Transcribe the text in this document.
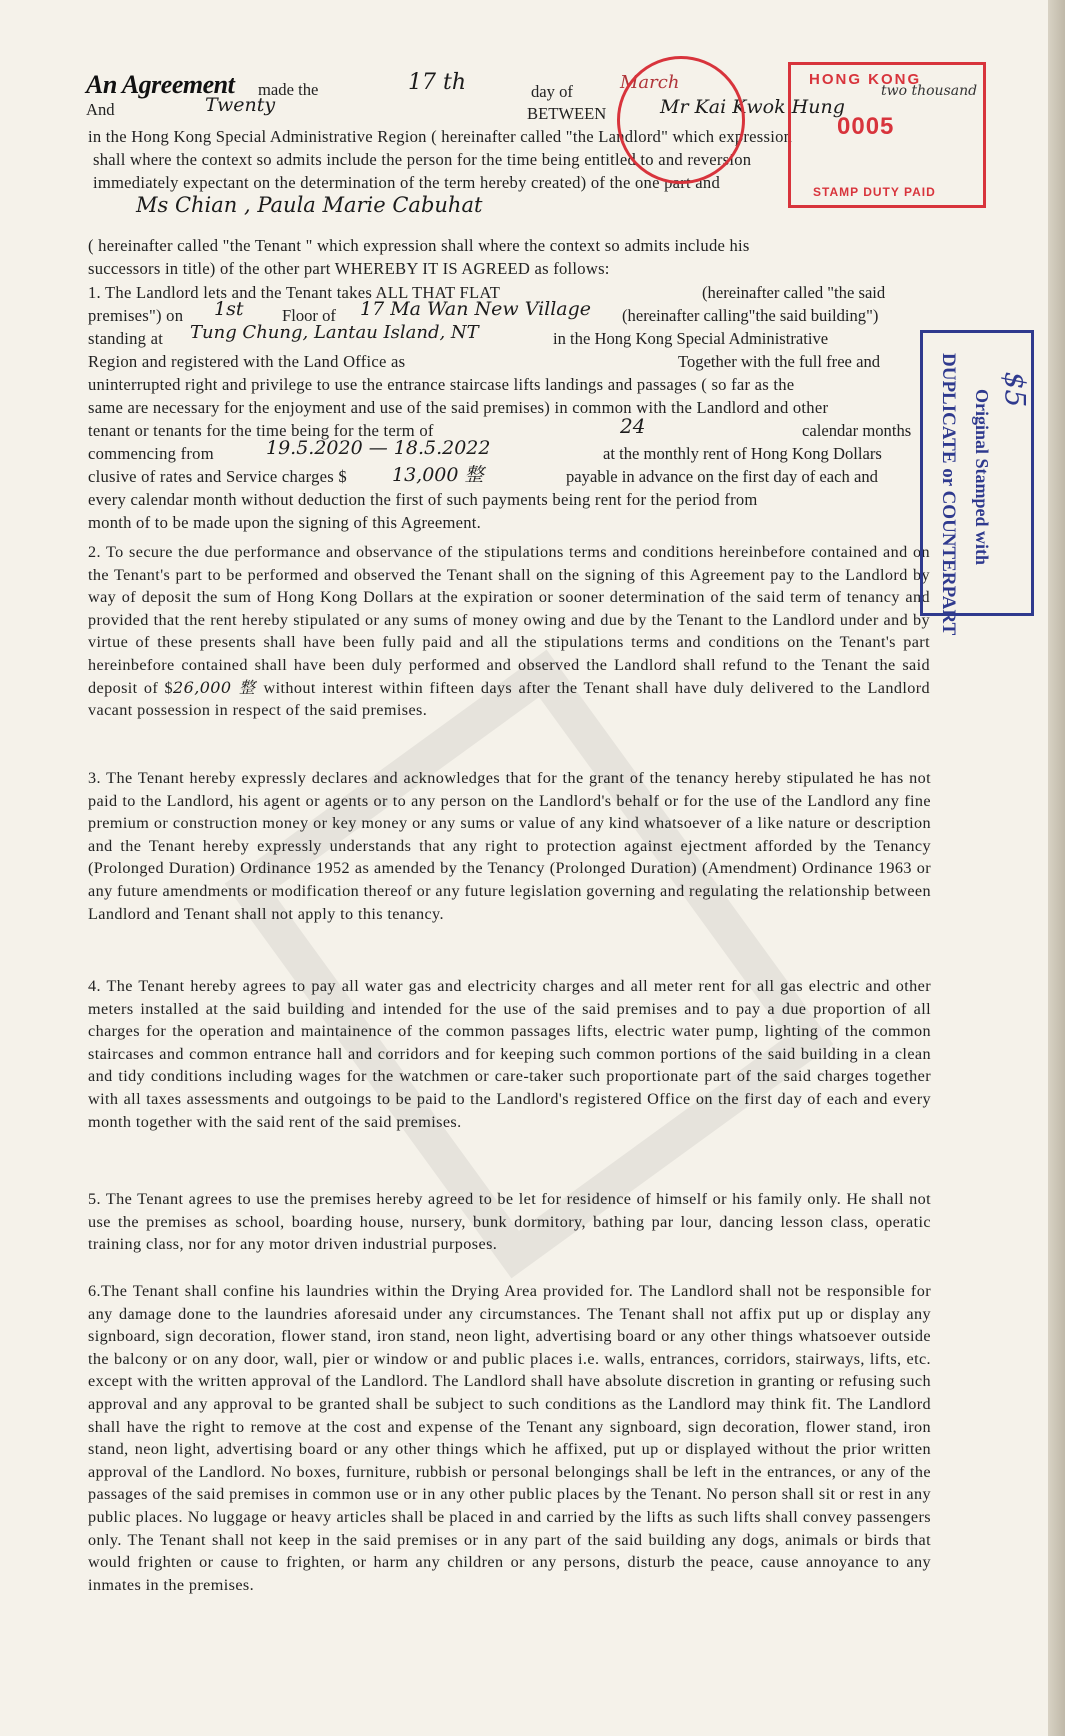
An Agreement made the	17 th	day of	March
And	Twenty	BETWEEN	Mr Kai Kwok Hung
in the Hong Kong Special Administrative Region ( hereinafter called "the Landlord" which expression
shall where the context so admits include the person for the time being entitled to and reversion
immediately expectant on the determination of the term hereby created) of the one part and
Ms Chian , Paula Marie Cabuhat
( hereinafter called "the Tenant " which expression shall where the context so admits include his
successors in title) of the other part WHEREBY IT IS AGREED as follows:
1. The Landlord lets and the Tenant takes ALL THAT FLAT	(hereinafter called "the said
premises") on 1st Floor of 17 Ma Wan New Village (hereinafter calling"the said building")
standing at Tung Chung, Lantau Island, NT	in the Hong Kong Special Administrative
Region and registered with the Land Office as	Together with the full free and
uninterrupted right and privilege to use the entrance staircase lifts landings and passages ( so far as the
same are necessary for the enjoyment and use of the said premises) in common with the Landlord and other
tenant or tenants for the time being for the term of	24	calendar months
commencing from	19.5.2020 — 18.5.2022	at the monthly rent of Hong Kong Dollars
clusive of rates and Service charges $ 13,000 整	payable in advance on the first day of each and
every calendar month without deduction the first of such payments being rent for the period from
month of to be made upon the signing of this Agreement.
2. To secure the due performance and observance of the stipulations terms and conditions hereinbefore contained and on the Tenant's part to be performed and observed the Tenant shall on the signing of this Agreement pay to the Landlord by way of deposit the sum of Hong Kong Dollars at the expiration or sooner determination of the said term of tenancy and provided that the rent hereby stipulated or any sums of money owing and due by the Tenant to the Landlord under and by virtue of these presents shall have been fully paid and all the stipulations terms and conditions on the Tenant's part hereinbefore contained shall have been duly performed and observed the Landlord shall refund to the Tenant the said deposit of $26,000 整 without interest within fifteen days after the Tenant shall have duly delivered to the Landlord vacant possession in respect of the said premises.
3. The Tenant hereby expressly declares and acknowledges that for the grant of the tenancy hereby stipulated he has not paid to the Landlord, his agent or agents or to any person on the Landlord's behalf or for the use of the Landlord any fine premium or construction money or key money or any sums or value of any kind whatsoever of a like nature or description and the Tenant hereby expressly understands that any right to protection against ejectment afforded by the Tenancy (Prolonged Duration) Ordinance 1952 as amended by the Tenancy (Prolonged Duration) (Amendment) Ordinance 1963 or any future amendments or modification thereof or any future legislation governing and regulating the relationship between Landlord and Tenant shall not apply to this tenancy.
4. The Tenant hereby agrees to pay all water gas and electricity charges and all meter rent for all gas electric and other meters installed at the said building and intended for the use of the said premises and to pay a due proportion of all charges for the operation and maintainence of the common passages lifts, electric water pump, lighting of the common staircases and common entrance hall and corridors and for keeping such common portions of the said building in a clean and tidy conditions including wages for the watchmen or care-taker such proportionate part of the said charges together with all taxes assessments and outgoings to be paid to the Landlord's registered Office on the first day of each and every month together with the said rent of the said premises.
5. The Tenant agrees to use the premises hereby agreed to be let for residence of himself or his family only. He shall not use the premises as school, boarding house, nursery, bunk dormitory, bathing par lour, dancing lesson class, operatic training class, nor for any motor driven industrial purposes.
6.The Tenant shall confine his laundries within the Drying Area provided for. The Landlord shall not be responsible for any damage done to the laundries aforesaid under any circumstances. The Tenant shall not affix put up or display any signboard, sign decoration, flower stand, iron stand, neon light, advertising board or any other things whatsoever outside the balcony or on any door, wall, pier or window or and public places i.e. walls, entrances, corridors, stairways, lifts, etc. except with the written approval of the Landlord. The Landlord shall have absolute discretion in granting or refusing such approval and any approval to be granted shall be subject to such conditions as the Landlord may think fit. The Landlord shall have the right to remove at the cost and expense of the Tenant any signboard, sign decoration, flower stand, iron stand, neon light, advertising board or any other things which he affixed, put up or displayed without the prior written approval of the Landlord. No boxes, furniture, rubbish or personal belongings shall be left in the entrances, or any of the passages of the said premises in common use or in any other public places by the Tenant. No person shall sit or rest in any public places. No luggage or heavy articles shall be placed in and carried by the lifts as such lifts shall convey passengers only. The Tenant shall not keep in the said premises or in any part of the said building any dogs, animals or birds that would frighten or cause to frighten, or harm any children or any persons, disturb the peace, cause annoyance to any inmates in the premises.
HONG KONG
two thousand
0005
STAMP DUTY PAID
DUPLICATE or COUNTERPART Original Stamped with $5
